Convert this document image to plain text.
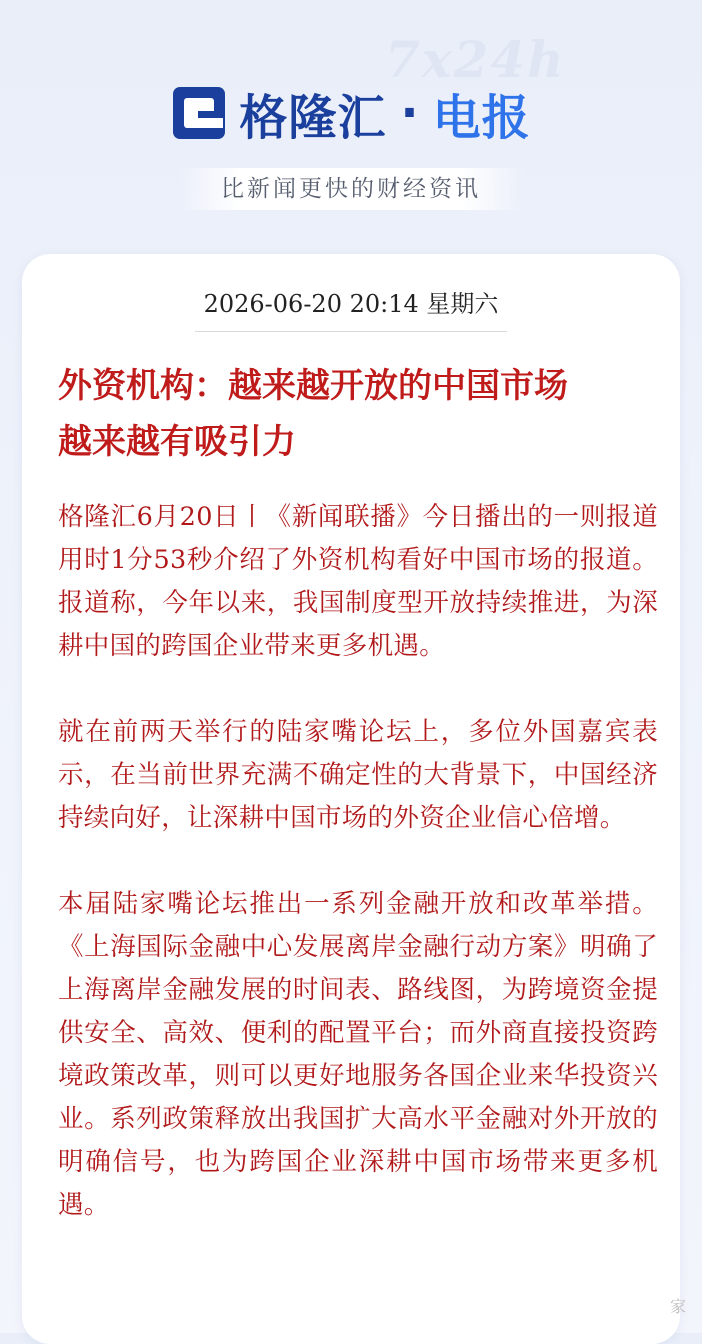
7x24h
格隆汇 · 电报
比新闻更快的财经资讯
2026-06-20 20:14 星期六
外资机构：越来越开放的中国市场
越来越有吸引力

格隆汇6月20日丨《新闻联播》今日播出的一则报道用时1分53秒介绍了外资机构看好中国市场的报道。报道称，今年以来，我国制度型开放持续推进，为深耕中国的跨国企业带来更多机遇。

就在前两天举行的陆家嘴论坛上，多位外国嘉宾表示，在当前世界充满不确定性的大背景下，中国经济持续向好，让深耕中国市场的外资企业信心倍增。

本届陆家嘴论坛推出一系列金融开放和改革举措。《上海国际金融中心发展离岸金融行动方案》明确了上海离岸金融发展的时间表、路线图，为跨境资金提供安全、高效、便利的配置平台；而外商直接投资跨境政策改革，则可以更好地服务各国企业来华投资兴业。系列政策释放出我国扩大高水平金融对外开放的明确信号，也为跨国企业深耕中国市场带来更多机遇。

家
